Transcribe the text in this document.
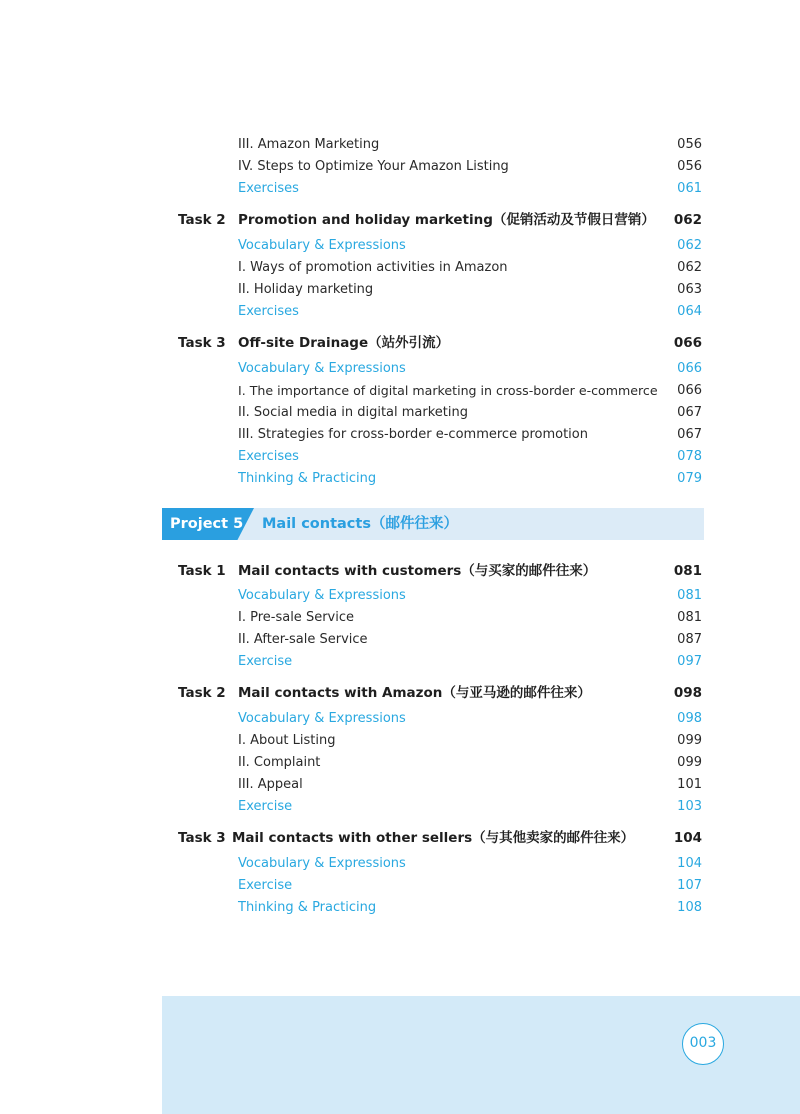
III. Amazon Marketing	056
IV. Steps to Optimize Your Amazon Listing	056
Exercises	061
Task 2 Promotion and holiday marketing（促销活动及节假日营销） 062
Vocabulary & Expressions	062
I. Ways of promotion activities in Amazon	062
II. Holiday marketing	063
Exercises	064
Task 3 Off-site Drainage（站外引流）	066
Vocabulary & Expressions	066
I. The importance of digital marketing in cross-border e-commerce 066
II. Social media in digital marketing	067
III. Strategies for cross-border e-commerce promotion	067
Exercises	078
Thinking & Practicing	079
Project 5 Mail contacts（邮件往来）
Task 1 Mail contacts with customers（与买家的邮件往来）	081
Vocabulary & Expressions	081
I. Pre-sale Service	081
II. After-sale Service	087
Exercise	097
Task 2 Mail contacts with Amazon（与亚马逊的邮件往来）	098
Vocabulary & Expressions	098
I. About Listing	099
II. Complaint	099
III. Appeal	101
Exercise	103
Task 3 Mail contacts with other sellers（与其他卖家的邮件往来）	104
Vocabulary & Expressions	104
Exercise	107
Thinking & Practicing	108
003
